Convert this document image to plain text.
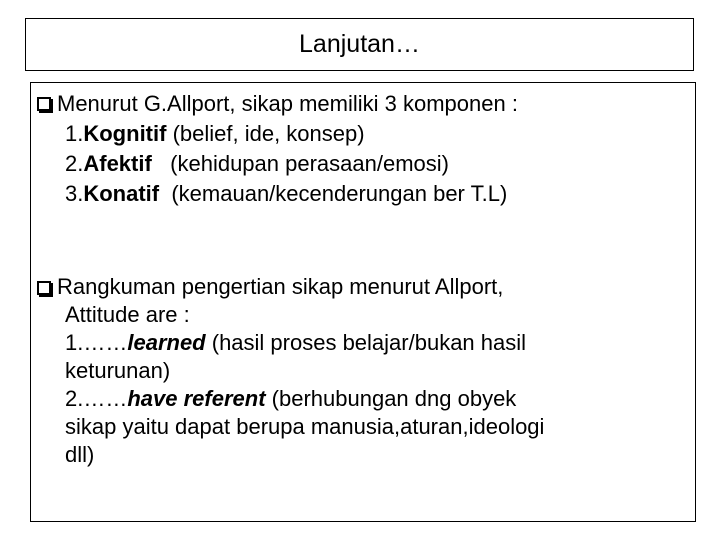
Lanjutan…
Menurut G.Allport, sikap memiliki 3 komponen :

1.Kognitif (belief, ide, konsep)

2.Afektif   (kehidupan perasaan/emosi)

3.Konatif  (kemauan/kecenderungan ber T.L)

Rangkuman pengertian sikap menurut Allport,

Attitude are :

1.……learned (hasil proses belajar/bukan hasil

keturunan)

2.……have referent (berhubungan dng obyek

sikap yaitu dapat berupa manusia,aturan,ideologi

dll)
